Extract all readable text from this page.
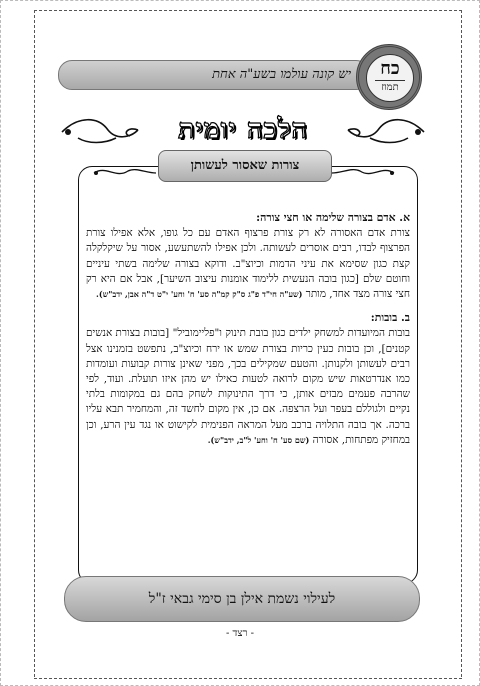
יש קונה עולמו בשע"ה אחת	כח
תמוז
הלכה יומית
צורות שאסור לעשותן
א. אדם בצורה שלימה או חצי צורה:

צורת אדם האסורה לא רק צורת פרצוף האדם עם כל גופו, אלא אפילו צורת הפרצוף לבדו, רבים אוסרים לעשותה. ולכן אפילו להשתעשע, אסור על שיקלקלה קצת כגון שסימא את עיני הדמות וכיוצ"ב. ודוקא בצורה שלימה בשתי עיניים וחוטם שלם [כגון בובה הנעשית ללימוד אומנות עיצוב השיער], אבל אם היא רק חצי צורה מצד אחד, מותר (שע"ה חי"ד פ"ג ס"ק קמ"ה סע' ח' וחע' י"ט ד"ה אבן, ידב"ש).

ב. בובות:

בובות המיועדות למשחק ילדים כגון בובת תינוק ו"פליימוביל" [בובות בצורת אנשים קטנים], וכן בובות כעין כריות בצורת שמש או ירח וכיוצ"ב, נתפשט בזמנינו אצל רבים לעשותן ולקנותן. והטעם שמקילים בכך, מפני שאינן צורות קבועות ועומדות כמו אנדרטאות שיש מקום לרואה לטעות כאילו יש מהן איזו תועלת. ועוד, לפי שהרבה פעמים מבזים אותן, כי דרך התינוקות לשחק בהם גם במקומות בלתי נקיים ולגוללם בעפר ועל הרצפה. אם כן, אין מקום לחשד זה, והמחמיר תבא עליו ברכה. אך בובה התלויה ברכב מעל המראה הפנימית לקישוט או נגד עין הרע, וכן במחזיק מפתחות, אסורה (שם סע' ח' וחע' ל"ב, ידב"ש).

לעילוי נשמת אילן בן סימי גבאי ז"ל
- רצד -
